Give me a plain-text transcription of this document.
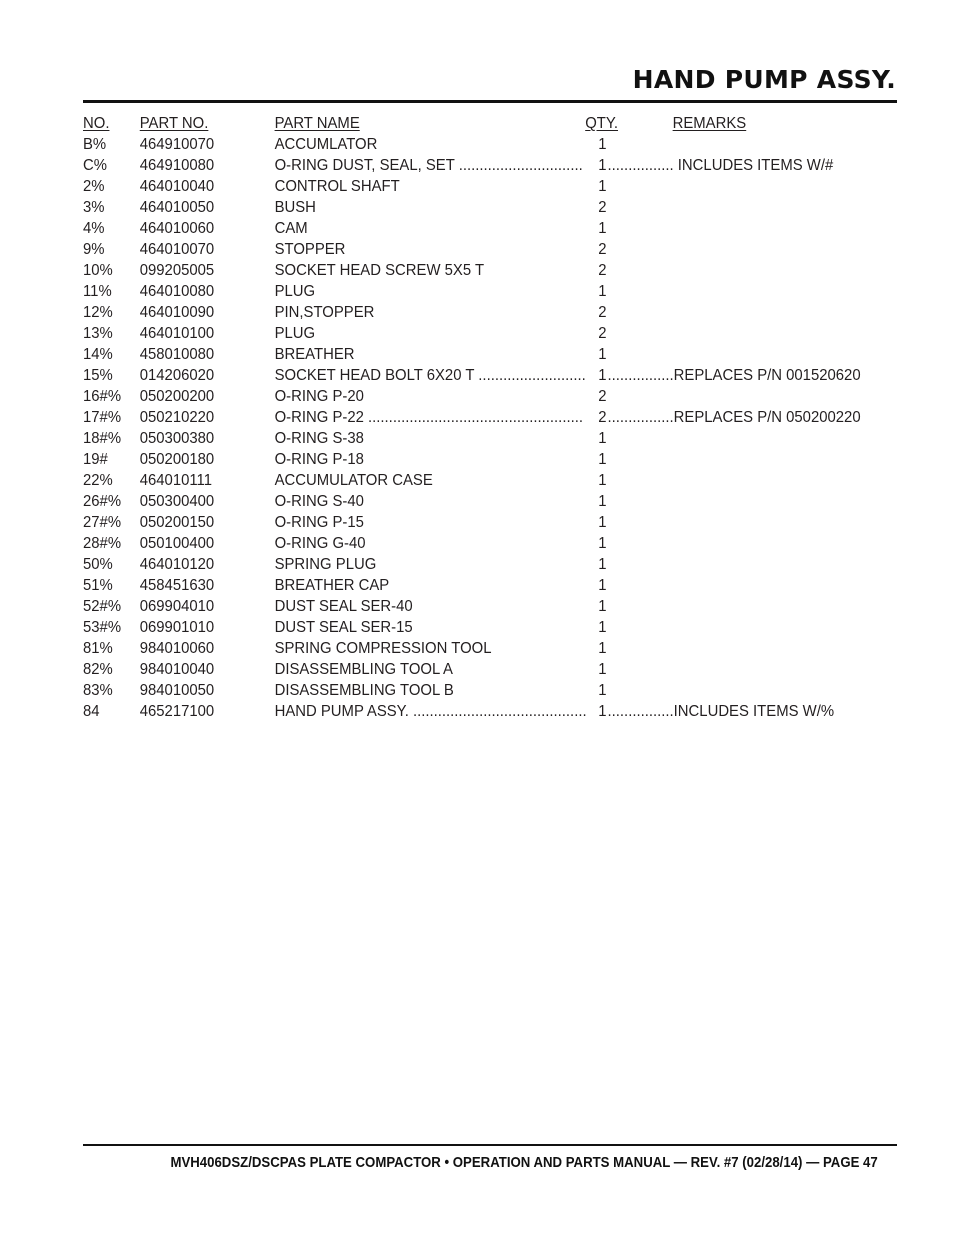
HAND PUMP ASSY.
NO. PART NO.	PART NAME	QTY.	REMARKS
B% 464910070	ACCUMLATOR	1
C% 464910080	O-RING DUST, SEAL, SET .............................. 1 ................ INCLUDES ITEMS W/#
2% 464010040	CONTROL SHAFT	1
3% 464010050	BUSH	2
4% 464010060	CAM	1
9% 464010070	STOPPER	2
10% 099205005	SOCKET HEAD SCREW 5X5 T	2
11% 464010080	PLUG	1
12% 464010090	PIN,STOPPER	2
13% 464010100	PLUG	2
14% 458010080	BREATHER	1
15% 014206020	SOCKET HEAD BOLT 6X20 T .......................... 1 ................REPLACES P/N 001520620
16#% 050200200	O-RING P-20	2
17#% 050210220	O-RING P-22 .................................................... 2 ................REPLACES P/N 050200220
18#% 050300380	O-RING S-38	1
19# 050200180	O-RING P-18	1
22% 464010111	ACCUMULATOR CASE	1
26#% 050300400	O-RING S-40	1
27#% 050200150	O-RING P-15	1
28#% 050100400	O-RING G-40	1
50% 464010120	SPRING PLUG	1
51% 458451630	BREATHER CAP	1
52#% 069904010	DUST SEAL SER-40	1
53#% 069901010	DUST SEAL SER-15	1
81% 984010060	SPRING COMPRESSION TOOL	1
82% 984010040	DISASSEMBLING TOOL A	1
83% 984010050	DISASSEMBLING TOOL B	1
84	465217100	HAND PUMP ASSY. .......................................... 1 ................INCLUDES ITEMS W/%
MVH406DSZ/DSCPAS PLATE COMPACTOR • OPERATION AND PARTS MANUAL — REV. #7 (02/28/14) — PAGE 47
